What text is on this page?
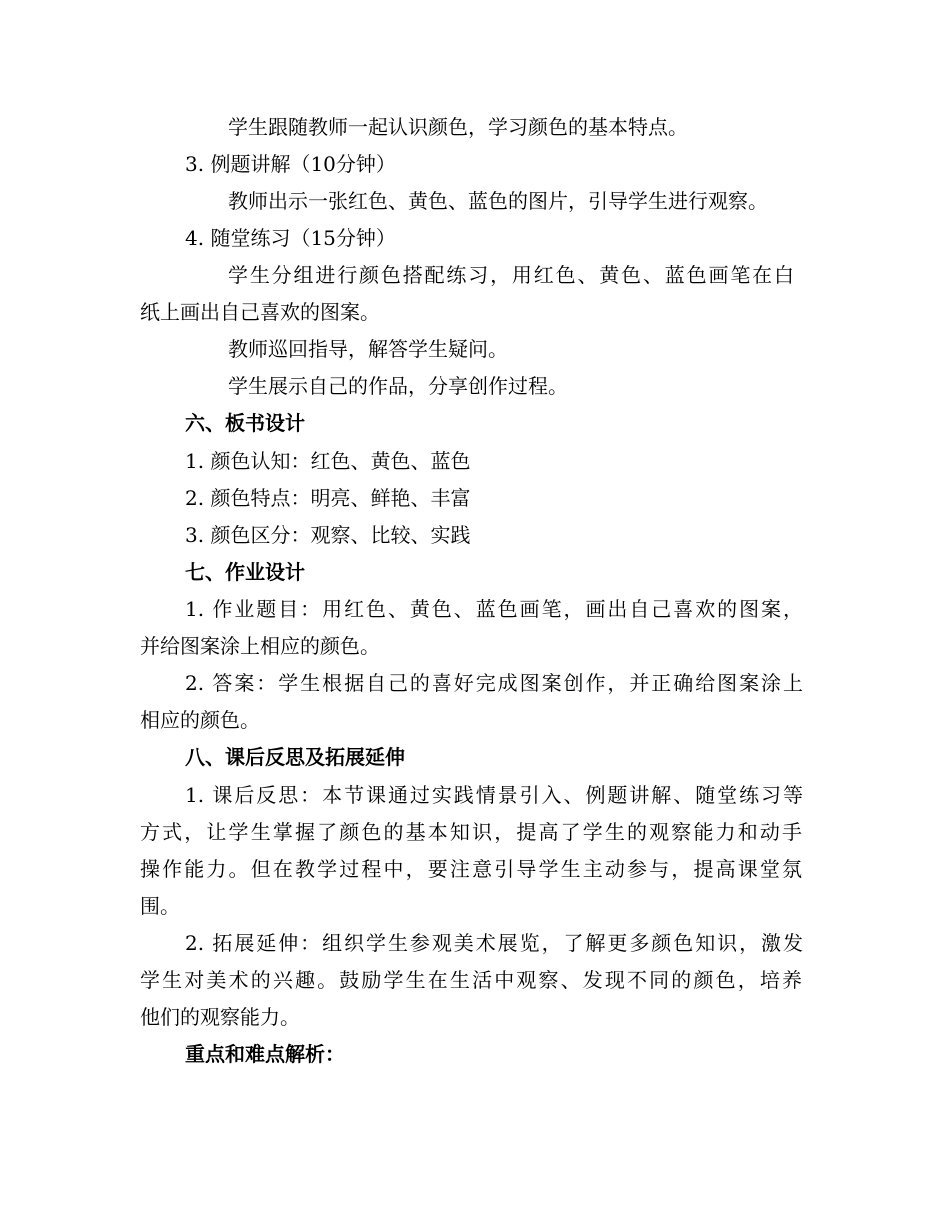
学生跟随教师一起认识颜色，学习颜色的基本特点。
3. 例题讲解（10分钟）
教师出示一张红色、黄色、蓝色的图片，引导学生进行观察。
4. 随堂练习（15分钟）
学生分组进行颜色搭配练习，用红色、黄色、蓝色画笔在白
纸上画出自己喜欢的图案。
教师巡回指导，解答学生疑问。
学生展示自己的作品，分享创作过程。
六、板书设计
1. 颜色认知：红色、黄色、蓝色
2. 颜色特点：明亮、鲜艳、丰富
3. 颜色区分：观察、比较、实践
七、作业设计
1. 作业题目：用红色、黄色、蓝色画笔，画出自己喜欢的图案，
并给图案涂上相应的颜色。
2. 答案：学生根据自己的喜好完成图案创作，并正确给图案涂上
相应的颜色。
八、课后反思及拓展延伸
1. 课后反思：本节课通过实践情景引入、例题讲解、随堂练习等
方式，让学生掌握了颜色的基本知识，提高了学生的观察能力和动手
操作能力。但在教学过程中，要注意引导学生主动参与，提高课堂氛
围。
2. 拓展延伸：组织学生参观美术展览，了解更多颜色知识，激发
学生对美术的兴趣。鼓励学生在生活中观察、发现不同的颜色，培养
他们的观察能力。
重点和难点解析：
